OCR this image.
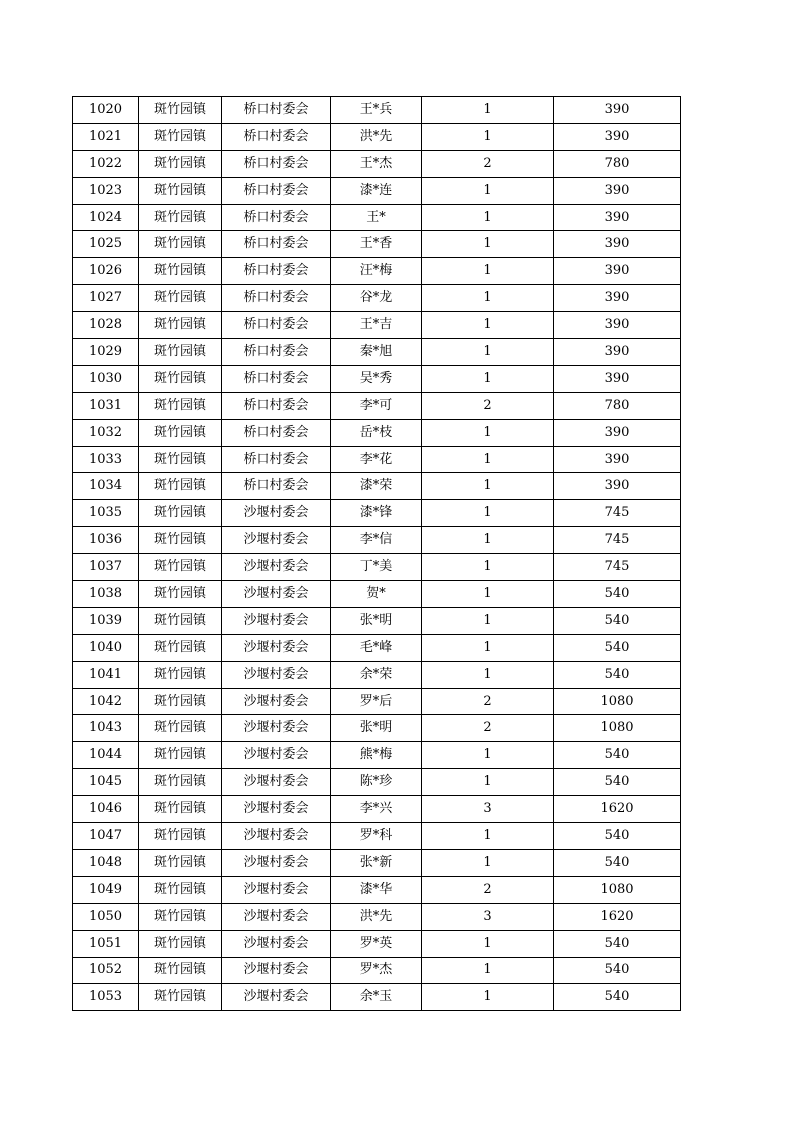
1020	斑竹园镇	桥口村委会	王*兵	1	390
1021	斑竹园镇	桥口村委会	洪*先	1	390
1022	斑竹园镇	桥口村委会	王*杰	2	780
1023	斑竹园镇	桥口村委会	漆*连	1	390
1024	斑竹园镇	桥口村委会	王*	1	390
1025	斑竹园镇	桥口村委会	王*香	1	390
1026	斑竹园镇	桥口村委会	汪*梅	1	390
1027	斑竹园镇	桥口村委会	谷*龙	1	390
1028	斑竹园镇	桥口村委会	王*吉	1	390
1029	斑竹园镇	桥口村委会	秦*旭	1	390
1030	斑竹园镇	桥口村委会	吴*秀	1	390
1031	斑竹园镇	桥口村委会	李*可	2	780
1032	斑竹园镇	桥口村委会	岳*枝	1	390
1033	斑竹园镇	桥口村委会	李*花	1	390
1034	斑竹园镇	桥口村委会	漆*荣	1	390
1035	斑竹园镇	沙堰村委会	漆*锋	1	745
1036	斑竹园镇	沙堰村委会	李*信	1	745
1037	斑竹园镇	沙堰村委会	丁*美	1	745
1038	斑竹园镇	沙堰村委会	贺*	1	540
1039	斑竹园镇	沙堰村委会	张*明	1	540
1040	斑竹园镇	沙堰村委会	毛*峰	1	540
1041	斑竹园镇	沙堰村委会	余*荣	1	540
1042	斑竹园镇	沙堰村委会	罗*后	2	1080
1043	斑竹园镇	沙堰村委会	张*明	2	1080
1044	斑竹园镇	沙堰村委会	熊*梅	1	540
1045	斑竹园镇	沙堰村委会	陈*珍	1	540
1046	斑竹园镇	沙堰村委会	李*兴	3	1620
1047	斑竹园镇	沙堰村委会	罗*科	1	540
1048	斑竹园镇	沙堰村委会	张*新	1	540
1049	斑竹园镇	沙堰村委会	漆*华	2	1080
1050	斑竹园镇	沙堰村委会	洪*先	3	1620
1051	斑竹园镇	沙堰村委会	罗*英	1	540
1052	斑竹园镇	沙堰村委会	罗*杰	1	540
1053	斑竹园镇	沙堰村委会	余*玉	1	540
